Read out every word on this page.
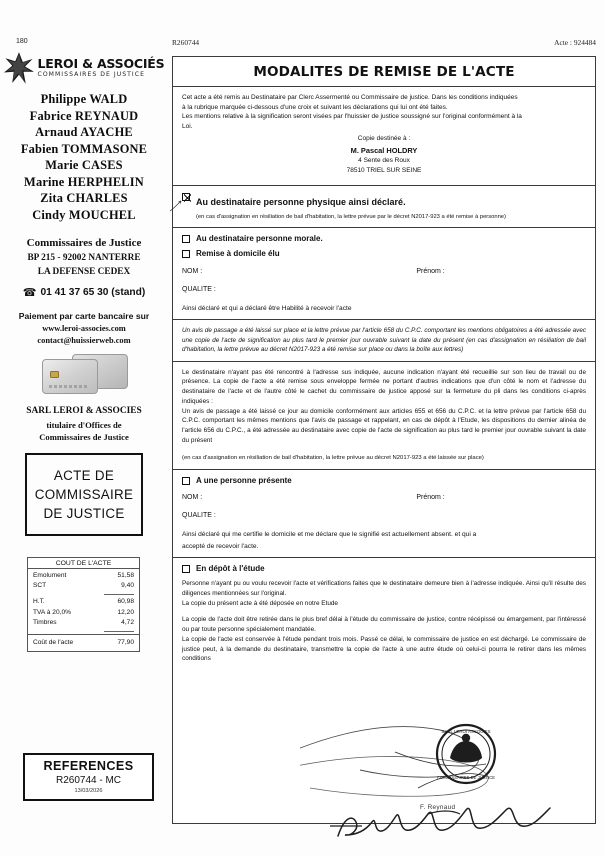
180
LEROI & ASSOCIÉS
COMMISSAIRES DE JUSTICE
Philippe WALD
Fabrice REYNAUD
Arnaud AYACHE
Fabien TOMMASONE
Marie CASES
Marine HERPHELIN
Zita CHARLES
Cindy MOUCHEL
Commissaires de Justice
BP 215 - 92002 NANTERRE
LA DEFENSE CEDEX
☎ 01 41 37 65 30 (stand)
Paiement par carte bancaire sur
www.leroi-associes.com
contact@huissierweb.com
SARL LEROI & ASSOCIES
titulaire d'Offices de
Commissaires de Justice
ACTE DE COMMISSAIRE DE JUSTICE
COUT DE L'ACTE
Emolument	51,58
SCT	9,40
H.T.	60,98
TVA à 20,0%	12,20
Timbres	4,72
Coût de l'acte	77,90
REFERENCES
R260744 - MC
13/03/2026
R260744	Acte : 924484
MODALITES DE REMISE DE L'ACTE
Cet acte a été remis au Destinataire par Clerc Assermenté ou Commissaire de justice. Dans les conditions indiquées
à la rubrique marquée ci-dessous d'une croix et suivant les déclarations qui lui ont été faites.
Les mentions relative à la signification seront visées par l'huissier de justice soussigné sur l'original conformément à la
Loi.
Copie destinée à :
M. Pascal HOLDRY
4 Sente des Roux
78510 TRIEL SUR SEINE
Au destinataire personne physique ainsi déclaré.
(en cas d'assignation en résiliation de bail d'habitation, la lettre prévue par le décret N2017-923 a été remise à personne)
Au destinataire personne morale.
Remise à domicile élu
NOM :	Prénom :
QUALITE :
Ainsi déclaré et qui a déclaré être Habilité à recevoir l'acte
Un avis de passage a été laissé sur place et la lettre prévue par l'article 658 du C.P.C. comportant les mentions obligatoires a été adressée avec une copie de l'acte de signification au plus tard le premier jour ouvrable suivant la date du présent (en cas d'assignation en résiliation de bail d'habitation, la lettre prévue au décret N2017-923 a été remise sur place ou dans la boîte aux lettres)

Le destinataire n'ayant pas été rencontré à l'adresse sus indiquée, aucune indication n'ayant été recueillie sur son lieu de travail ou de présence. La copie de l'acte a été remise sous enveloppe fermée ne portant d'autres indications que d'un côté le nom et l'adresse du destinataire de l'acte et de l'autre côté le cachet du commissaire de justice apposé sur la fermeture du pli dans les conditions ci-après indiquées :

Un avis de passage a été laissé ce jour au domicile conformément aux articles 655 et 656 du C.P.C. et la lettre prévue par l'article 658 du C.P.C. comportant les mêmes mentions que l'avis de passage et rappelant, en cas de dépôt à l'Etude, les dispositions du dernier alinéa de l'article 656 du C.P.C., a été adressée au destinataire avec copie de l'acte de signification au plus tard le premier jour ouvrable suivant la date du présent

(en cas d'assignation en résiliation de bail d'habitation, la lettre prévue au décret N2017-923 a été laissée sur place)
A une personne présente
NOM :	Prénom :
QUALITE :
Ainsi déclaré qui me certifie le domicile et me déclare que le signifié est actuellement absent. et qui a
accepté de recevoir l'acte.
En dépôt à l'étude

Personne n'ayant pu ou voulu recevoir l'acte et vérifications faites que le destinataire demeure bien à l'adresse indiquée. Ainsi qu'il résulte des diligences mentionnées sur l'original.

La copie du présent acte à été déposée en notre Etude

La copie de l'acte doit être retirée dans le plus bref délai à l'étude du commissaire de justice, contre récépissé ou émargement, par l'intéressé ou par toute personne spécialement mandatée.

La copie de l'acte est conservée à l'étude pendant trois mois. Passé ce délai, le commissaire de justice en est déchargé. Le commissaire de justice peut, à la demande du destinataire, transmettre la copie de l'acte à une autre étude où celui-ci pourra le retirer dans les mêmes conditions

SARL LEROI ASSOCIES
COMMISSAIRES DE JUSTICE
F. Reynaud
